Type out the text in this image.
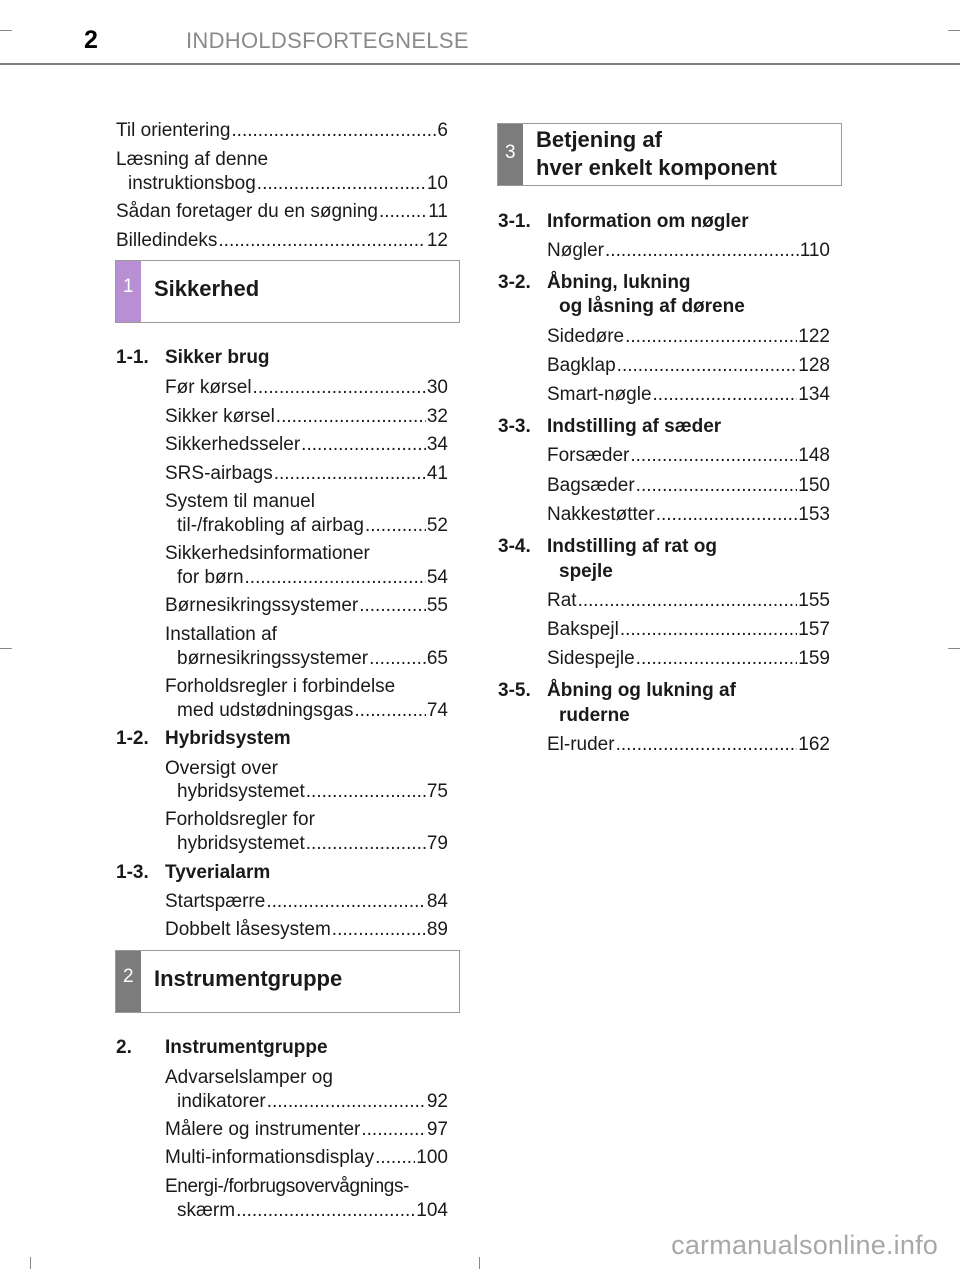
2	INDHOLDSFORTEGNELSE
Til orientering .....	6
Læsning af denne
instruktionsbog .....	10
Sådan foretager du en søgning .....	11
Billedindeks .....	12
1 Sikkerhed
1-1. Sikker brug
Før kørsel .....	30
Sikker kørsel .....	32
Sikkerhedsseler .....	34
SRS-airbags .....	41
System til manuel
til-/frakobling af airbag .....	52
Sikkerhedsinformationer
for børn .....	54
Børnesikringssystemer .....	55
Installation af
børnesikringssystemer .....	65
Forholdsregler i forbindelse
med udstødningsgas .....	74
1-2. Hybridsystem
Oversigt over
hybridsystemet .....	75
Forholdsregler for
hybridsystemet .....	79
1-3. Tyverialarm
Startspærre .....	84
Dobbelt låsesystem .....	89
2 Instrumentgruppe
2. Instrumentgruppe
Advarselslamper og
indikatorer .....	92
Målere og instrumenter .....	97
Multi-informationsdisplay ..... 100
Energi-/forbrugsovervågnings-
skærm .....	104
3
Betjening af
hver enkelt komponent
3-1. Information om nøgler
Nøgler .....	110
3-2. Åbning, lukning
og låsning af dørene
Sidedøre .....	122
Bagklap .....	128
Smart-nøgle .....	134
3-3. Indstilling af sæder
Forsæder .....	148
Bagsæder .....	150
Nakkestøtter .....	153
3-4. Indstilling af rat og
spejle
Rat .....	155
Bakspejl .....	157
Sidespejle .....	159
3-5. Åbning og lukning af
ruderne
El-ruder .....	162
carmanualsonline.info
